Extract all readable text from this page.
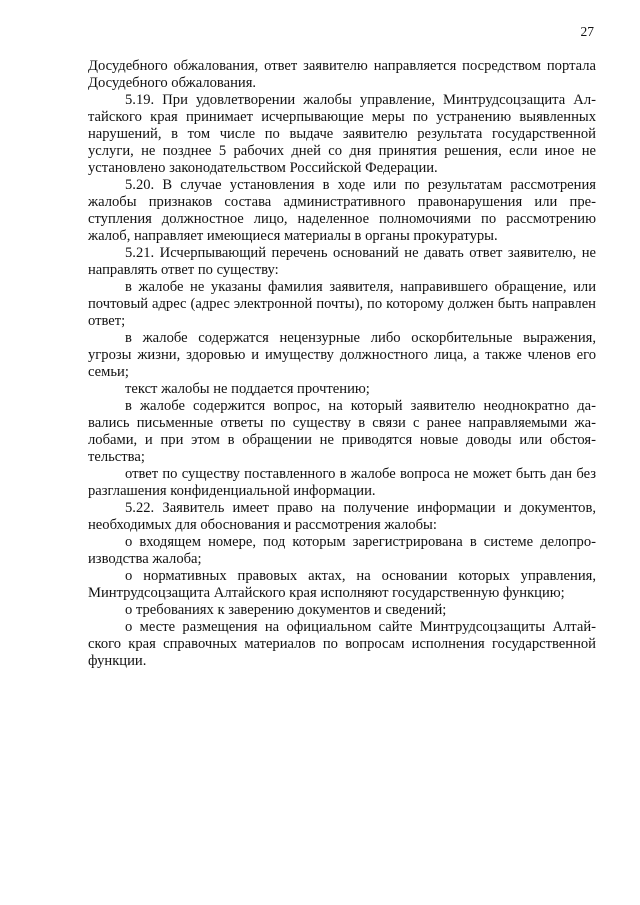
27

Досудебного обжалования, ответ заявителю направляется посредством портала Досудебного обжалования.

5.19. При удовлетворении жалобы управление, Минтрудсоцзащита Алтайского края принимает исчерпывающие меры по устранению выявленных нарушений, в том числе по выдаче заявителю результата государственной услуги, не позднее 5 рабочих дней со дня принятия решения, если иное не установлено законодательством Российской Федерации.

5.20. В случае установления в ходе или по результатам рассмотрения жалобы признаков состава административного правонарушения или преступления должностное лицо, наделенное полномочиями по рассмотрению жалоб, направляет имеющиеся материалы в органы прокуратуры.

5.21. Исчерпывающий перечень оснований не давать ответ заявителю, не направлять ответ по существу:

в жалобе не указаны фамилия заявителя, направившего обращение, или почтовый адрес (адрес электронной почты), по которому должен быть направлен ответ;

в жалобе содержатся нецензурные либо оскорбительные выражения, угрозы жизни, здоровью и имуществу должностного лица, а также членов его семьи;

текст жалобы не поддается прочтению;

в жалобе содержится вопрос, на который заявителю неоднократно давались письменные ответы по существу в связи с ранее направляемыми жалобами, и при этом в обращении не приводятся новые доводы или обстоятельства;

ответ по существу поставленного в жалобе вопроса не может быть дан без разглашения конфиденциальной информации.

5.22. Заявитель имеет право на получение информации и документов, необходимых для обоснования и рассмотрения жалобы:

о входящем номере, под которым зарегистрирована в системе делопроизводства жалоба;

о нормативных правовых актах, на основании которых управления, Минтрудсоцзащита Алтайского края исполняют государственную функцию;

о требованиях к заверению документов и сведений;

о месте размещения на официальном сайте Минтрудсоцзащиты Алтайского края справочных материалов по вопросам исполнения государственной функции.
